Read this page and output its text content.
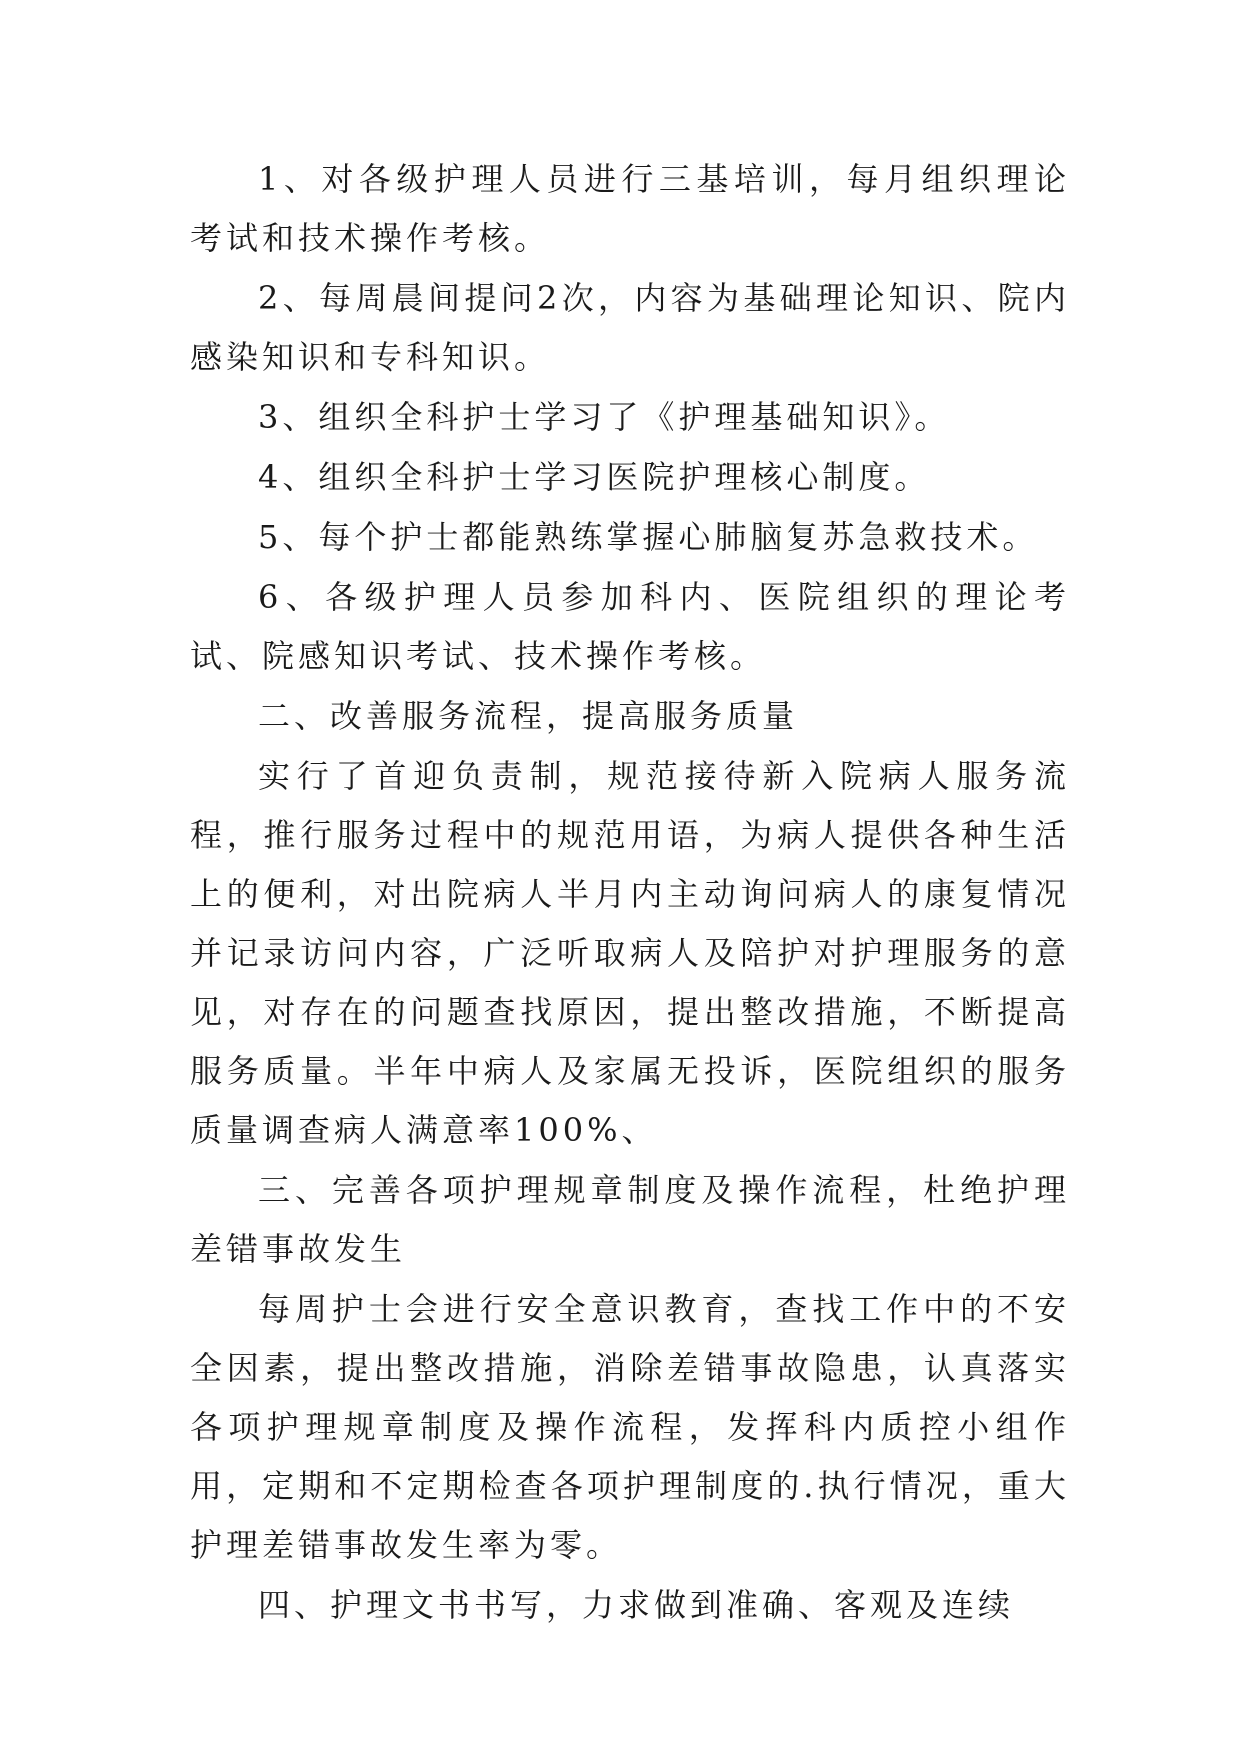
1、对各级护理人员进行三基培训，每月组织理论考试和技术操作考核。

2、每周晨间提问2次，内容为基础理论知识、院内感染知识和专科知识。

3、组织全科护士学习了《护理基础知识》。

4、组织全科护士学习医院护理核心制度。

5、每个护士都能熟练掌握心肺脑复苏急救技术。

6、各级护理人员参加科内、医院组织的理论考试、院感知识考试、技术操作考核。

二、改善服务流程，提高服务质量

实行了首迎负责制，规范接待新入院病人服务流程，推行服务过程中的规范用语，为病人提供各种生活上的便利，对出院病人半月内主动询问病人的康复情况并记录访问内容，广泛听取病人及陪护对护理服务的意见，对存在的问题查找原因，提出整改措施，不断提高服务质量。半年中病人及家属无投诉，医院组织的服务质量调查病人满意率100%、

三、完善各项护理规章制度及操作流程，杜绝护理差错事故发生

每周护士会进行安全意识教育，查找工作中的不安全因素，提出整改措施，消除差错事故隐患，认真落实各项护理规章制度及操作流程，发挥科内质控小组作用，定期和不定期检查各项护理制度的.执行情况，重大护理差错事故发生率为零。

四、护理文书书写，力求做到准确、客观及连续
